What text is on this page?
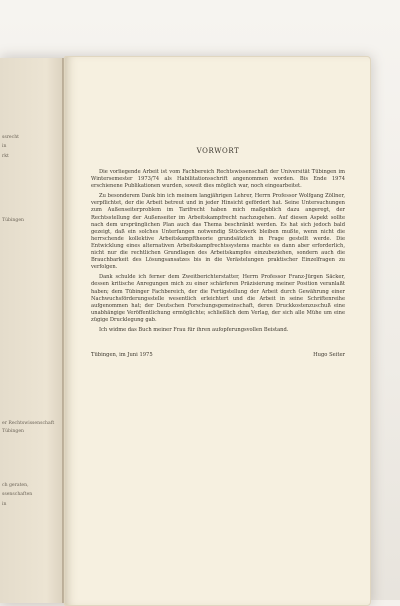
ssrecht
in
rkt
Tübingen
er Rechtswissenschaft
Tübingen
ch geraten,
ssenschaften
in
VORWORT

Die vorliegende Arbeit ist vom Fachbereich Rechtswissenschaft der Universität Tübingen im Wintersemester 1973/74 als Habilitationsschrift angenommen worden. Bis Ende 1974 erschienene Publikationen wurden, soweit dies möglich war, noch eingearbeitet.

Zu besonderem Dank bin ich meinem langjährigen Lehrer, Herrn Professor Wolfgang Zöllner, verpflichtet, der die Arbeit betreut und in jeder Hinsicht gefördert hat. Seine Untersuchungen zum Außenseiterproblem im Tarifrecht haben mich maßgeblich dazu angeregt, der Rechtsstellung der Außenseiter im Arbeitskampfrecht nachzugehen. Auf diesen Aspekt sollte nach dem ursprünglichen Plan auch das Thema beschränkt werden. Es hat sich jedoch bald gezeigt, daß ein solches Unterfangen notwendig Stückwerk bleiben mußte, wenn nicht die herrschende kollektive Arbeitskampftheorie grundsätzlich in Frage gestellt werde. Die Entwicklung eines alternativen Arbeitskampfrechtssystems machte es dann aber erforderlich, nicht nur die rechtlichen Grundlagen des Arbeitskampfes einzubeziehen, sondern auch die Brauchbarkeit des Lösungsansatzes bis in die Verästelungen praktischer Einzelfragen zu verfolgen.

Dank schulde ich ferner dem Zweitberichterstatter, Herrn Professor Franz-Jürgen Säcker, dessen kritische Anregungen mich zu einer schärferen Präzisierung meiner Position veranlaßt haben; dem Tübinger Fachbereich, der die Fertigstellung der Arbeit durch Gewährung einer Nachwuchsförderungsstelle wesentlich erleichtert und die Arbeit in seine Schriftenreihe aufgenommen hat; der Deutschen Forschungsgemeinschaft, deren Druckkostenzuschuß eine unabhängige Veröffentlichung ermöglichte; schließlich dem Verlag, der sich alle Mühe um eine zügige Drucklegung gab.

Ich widme das Buch meiner Frau für ihren aufopferungsvollen Beistand.

Tübingen, im Juni 1975	Hugo Seiter
